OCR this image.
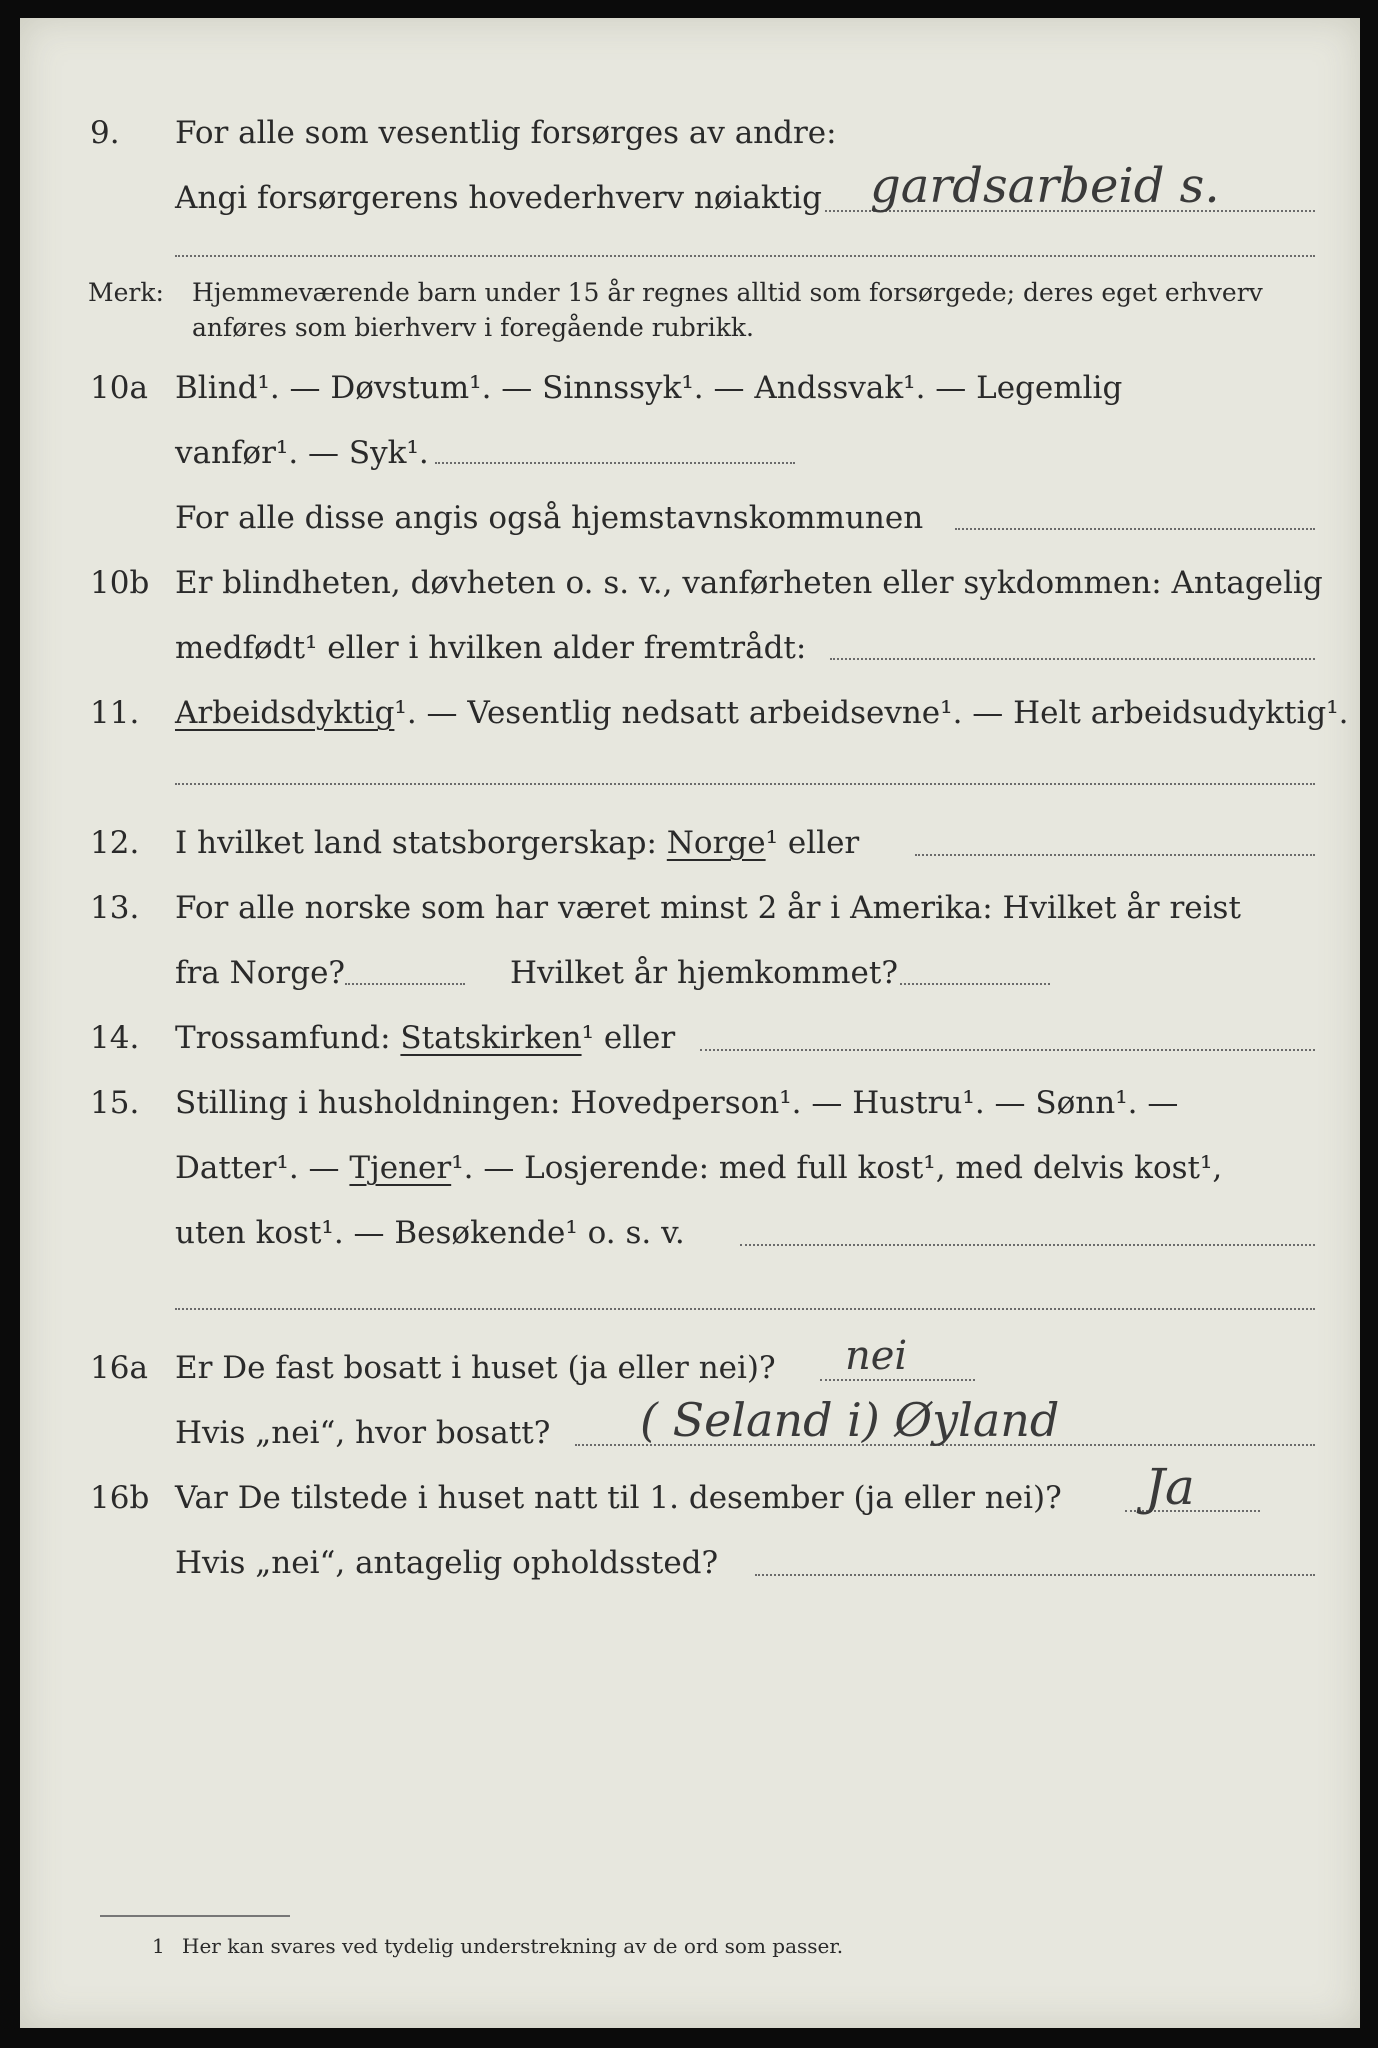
9. For alle som vesentlig forsørges av andre:
Angi forsørgerens hovederhverv nøiaktig gardsarbeid s.
Merk: Hjemmeværende barn under 15 år regnes alltid som forsørgede; deres eget erhverv
anføres som bierhverv i foregående rubrikk.
10a Blind¹. — Døvstum¹. — Sinnssyk¹. — Andssvak¹. — Legemlig
vanfør¹. — Syk¹.
For alle disse angis også hjemstavnskommunen
10b Er blindheten, døvheten o. s. v., vanførheten eller sykdommen: Antagelig
medfødt¹ eller i hvilken alder fremtrådt:
11. Arbeidsdyktig¹. — Vesentlig nedsatt arbeidsevne¹. — Helt arbeidsudyktig¹.
12. I hvilket land statsborgerskap: Norge¹ eller
13. For alle norske som har været minst 2 år i Amerika: Hvilket år reist
fra Norge?	Hvilket år hjemkommet?
14. Trossamfund: Statskirken¹ eller
15. Stilling i husholdningen: Hovedperson¹. — Hustru¹. — Sønn¹. —
Datter¹. — Tjener¹. — Losjerende: med full kost¹, med delvis kost¹,
uten kost¹. — Besøkende¹ o. s. v.
16a Er De fast bosatt i huset (ja eller nei)? nei
Hvis „nei“, hvor bosatt? ( Seland i) Øyland
16b Var De tilstede i huset natt til 1. desember (ja eller nei)? Ja
Hvis „nei“, antagelig opholdssted?
1 Her kan svares ved tydelig understrekning av de ord som passer.
